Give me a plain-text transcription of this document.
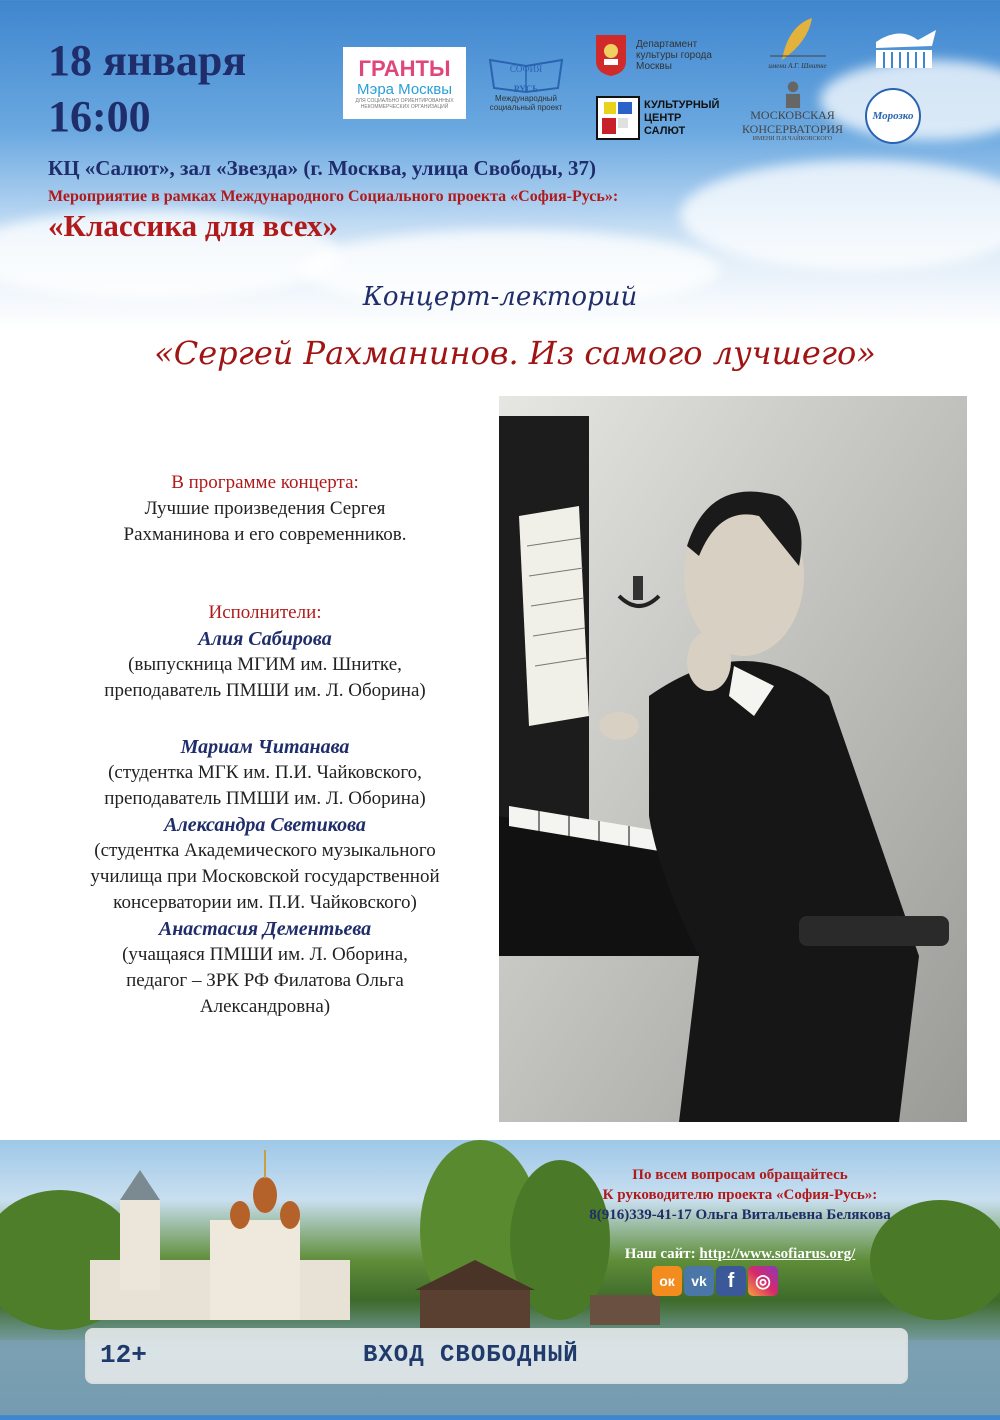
18 января
16:00
КЦ «Салют», зал «Звезда» (г. Москва, улица Свободы, 37)
Мероприятие в рамках Международного Социального проекта «София-Русь»:
«Классика для всех»
ГРАНТЫ
Мэра Москвы
ДЛЯ СОЦИАЛЬНО ОРИЕНТИРОВАННЫХ НЕКОММЕРЧЕСКИХ ОРГАНИЗАЦИЙ
СОФИЯ
РУСЬ
Международный социальный проект
Департамент культуры города Москвы
КУЛЬТУРНЫЙ ЦЕНТР САЛЮТ
имени А.Г. Шнитке
МОСКОВСКАЯ КОНСЕРВАТОРИЯ
ИМЕНИ П.И.ЧАЙКОВСКОГО
Морозко
Концерт-лекторий
«Сергей Рахманинов. Из самого лучшего»
В программе концерта:
Лучшие произведения Сергея
Рахманинова и его современников.
Исполнители:
Алия Сабирова
(выпускница МГИМ им. Шнитке,
преподаватель ПМШИ им. Л. Оборина)
Мариам Читанава
(студентка МГК им. П.И. Чайковского,
преподаватель ПМШИ им. Л. Оборина)
Александра Светикова
(студентка Академического музыкального
училища при Московской государственной
консерватории им. П.И. Чайковского)
Анастасия Дементьева
(учащаяся ПМШИ им. Л. Оборина,
педагог – ЗРК РФ Филатова Ольга
Александровна)
По всем вопросам обращайтесь
К руководителю проекта «София-Русь»:
8(916)339-41-17 Ольга Витальевна Белякова
Наш сайт: http://www.sofiarus.org/
ок	vk	f	◎
12+	ВХОД СВОБОДНЫЙ
